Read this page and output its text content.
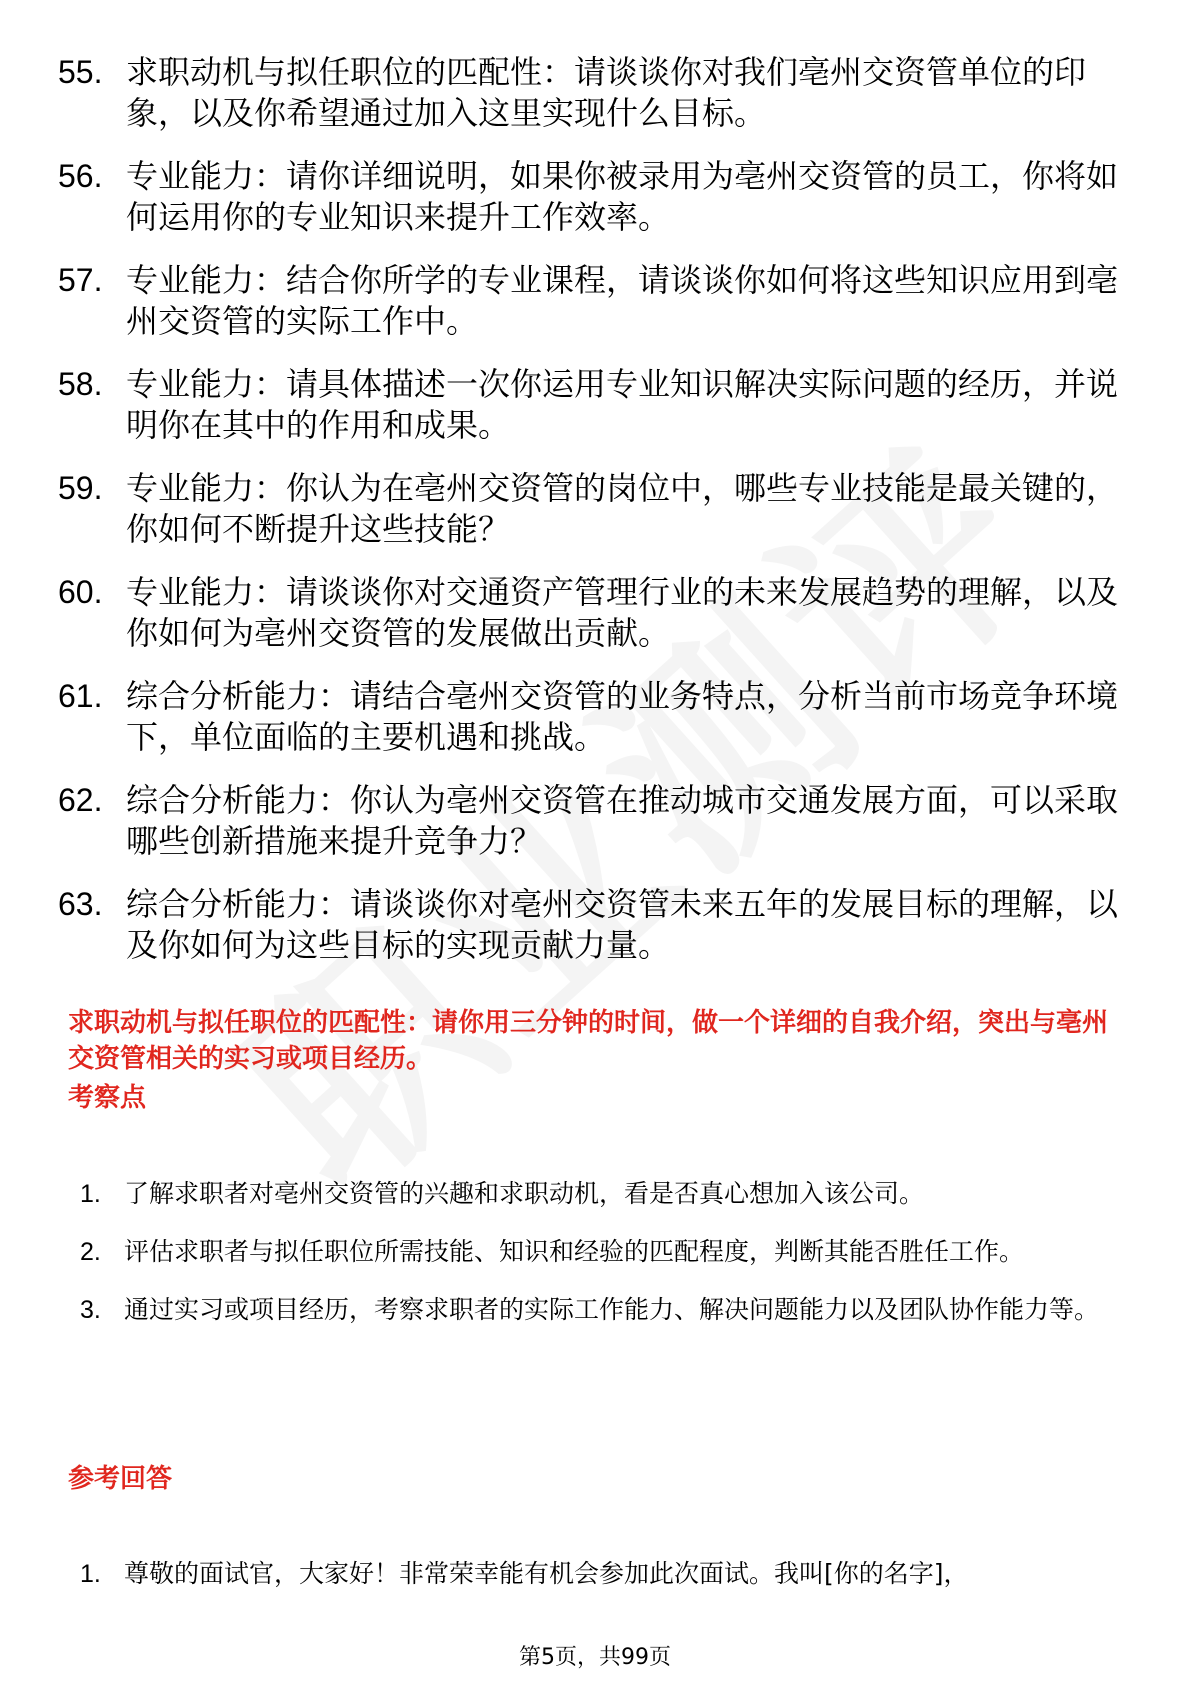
55. 求职动机与拟任职位的匹配性：请谈谈你对我们亳州交资管单位的印象，以及你希望通过加入这里实现什么目标。
56. 专业能力：请你详细说明，如果你被录用为亳州交资管的员工，你将如何运用你的专业知识来提升工作效率。
57. 专业能力：结合你所学的专业课程，请谈谈你如何将这些知识应用到亳州交资管的实际工作中。
58. 专业能力：请具体描述一次你运用专业知识解决实际问题的经历，并说明你在其中的作用和成果。
59. 专业能力：你认为在亳州交资管的岗位中，哪些专业技能是最关键的，你如何不断提升这些技能？
60. 专业能力：请谈谈你对交通资产管理行业的未来发展趋势的理解，以及你如何为亳州交资管的发展做出贡献。
61. 综合分析能力：请结合亳州交资管的业务特点，分析当前市场竞争环境下，单位面临的主要机遇和挑战。
62. 综合分析能力：你认为亳州交资管在推动城市交通发展方面，可以采取哪些创新措施来提升竞争力？
63. 综合分析能力：请谈谈你对亳州交资管未来五年的发展目标的理解，以及你如何为这些目标的实现贡献力量。

求职动机与拟任职位的匹配性：请你用三分钟的时间，做一个详细的自我介绍，突出与亳州交资管相关的实习或项目经历。

考察点
1. 了解求职者对亳州交资管的兴趣和求职动机，看是否真心想加入该公司。
2. 评估求职者与拟任职位所需技能、知识和经验的匹配程度，判断其能否胜任工作。
3. 通过实习或项目经历，考察求职者的实际工作能力、解决问题能力以及团队协作能力等。
参考回答
1. 尊敬的面试官，大家好！非常荣幸能有机会参加此次面试。我叫[你的名字]，
第5页，共99页
